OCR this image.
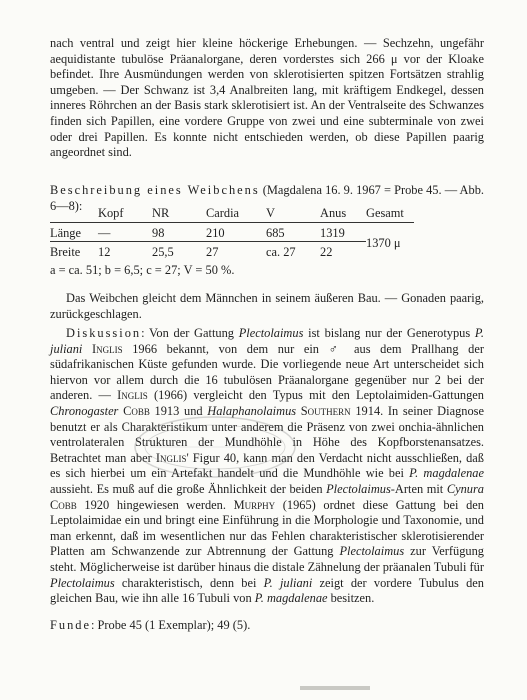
nach ventral und zeigt hier kleine höckerige Erhebungen. — Sechzehn, ungefähr aequidistante tubulöse Präanalorgane, deren vorderstes sich 266 μ vor der Kloake befindet. Ihre Ausmündungen werden von sklerotisierten spitzen Fortsätzen strahlig umgeben. — Der Schwanz ist 3,4 Analbreiten lang, mit kräftigem Endkegel, dessen inneres Röhrchen an der Basis stark sklerotisiert ist. An der Ventralseite des Schwanzes finden sich Papillen, eine vordere Gruppe von zwei und eine subterminale von zwei oder drei Papillen. Es konnte nicht entschieden werden, ob diese Papillen paarig angeordnet sind.

Beschreibung eines Weibchens (Magdalena 16. 9. 1967 = Probe 45. — Abb. 6—8):
	Kopf	NR	Cardia	V	Anus	Gesamt
Länge	—	98	210	685	1319	1370 μ
Breite	12	25,5	27	ca. 27	22	

a = ca. 51; b = 6,5; c = 27; V = 50 %.

Das Weibchen gleicht dem Männchen in seinem äußeren Bau. — Gonaden paarig, zurückgeschlagen.

Diskussion: Von der Gattung Plectolaimus ist bislang nur der Generotypus P. juliani Inglis 1966 bekannt, von dem nur ein ♂ aus dem Prallhang der südafrikanischen Küste gefunden wurde. Die vorliegende neue Art unterscheidet sich hiervon vor allem durch die 16 tubulösen Präanalorgane gegenüber nur 2 bei der anderen. — Inglis (1966) vergleicht den Typus mit den Leptolaimiden-Gattungen Chronogaster Cobb 1913 und Halaphanolaimus Southern 1914. In seiner Diagnose benutzt er als Charakteristikum unter anderem die Präsenz von zwei onchia-ähnlichen ventrolateralen Strukturen der Mundhöhle in Höhe des Kopfborstenansatzes. Betrachtet man aber Inglis' Figur 40, kann man den Verdacht nicht ausschließen, daß es sich hierbei um ein Artefakt handelt und die Mundhöhle wie bei P. magdalenae aussieht. Es muß auf die große Ähnlichkeit der beiden Plectolaimus-Arten mit Cynura Cobb 1920 hingewiesen werden. Murphy (1965) ordnet diese Gattung bei den Leptolaimidae ein und bringt eine Einführung in die Morphologie und Taxonomie, und man erkennt, daß im wesentlichen nur das Fehlen charakteristischer sklerotisierender Platten am Schwanzende zur Abtrennung der Gattung Plectolaimus zur Verfügung steht. Möglicherweise ist darüber hinaus die distale Zähnelung der präanalen Tubuli für Plectolaimus charakteristisch, denn bei P. juliani zeigt der vordere Tubulus den gleichen Bau, wie ihn alle 16 Tubuli von P. magdalenae besitzen.

Funde: Probe 45 (1 Exemplar); 49 (5).
